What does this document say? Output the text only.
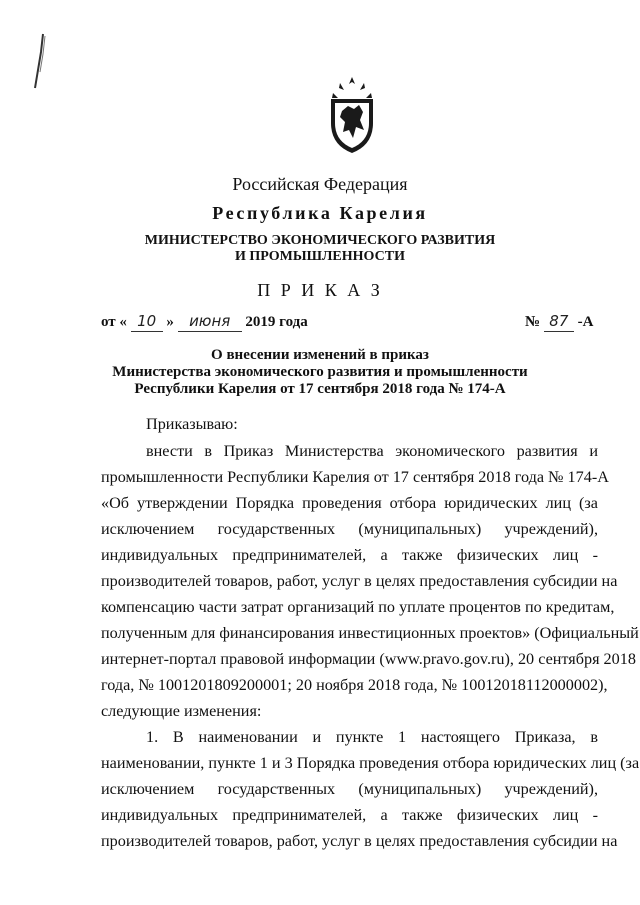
Российская Федерация
Республика Карелия
МИНИСТЕРСТВО ЭКОНОМИЧЕСКОГО РАЗВИТИЯ
И ПРОМЫШЛЕННОСТИ
П Р И К А З
от « 10 » июня 2019 года	№ 87 -А
О внесении изменений в приказ
Министерства экономического развития и промышленности
Республики Карелия от 17 сентября 2018 года № 174-А
Приказываю:
внести в Приказ Министерства экономического развития и
промышленности Республики Карелия от 17 сентября 2018 года № 174-А
«Об утверждении Порядка проведения отбора юридических лиц (за
исключением государственных (муниципальных) учреждений),
индивидуальных предпринимателей, а также физических лиц -
производителей товаров, работ, услуг в целях предоставления субсидии на
компенсацию части затрат организаций по уплате процентов по кредитам,
полученным для финансирования инвестиционных проектов» (Официальный
интернет-портал правовой информации (www.pravo.gov.ru), 20 сентября 2018
года, № 1001201809200001; 20 ноября 2018 года, № 10012018112000002),
следующие изменения:
1. В наименовании и пункте 1 настоящего Приказа, в
наименовании, пункте 1 и 3 Порядка проведения отбора юридических лиц (за
исключением государственных (муниципальных) учреждений),
индивидуальных предпринимателей, а также физических лиц -
производителей товаров, работ, услуг в целях предоставления субсидии на
